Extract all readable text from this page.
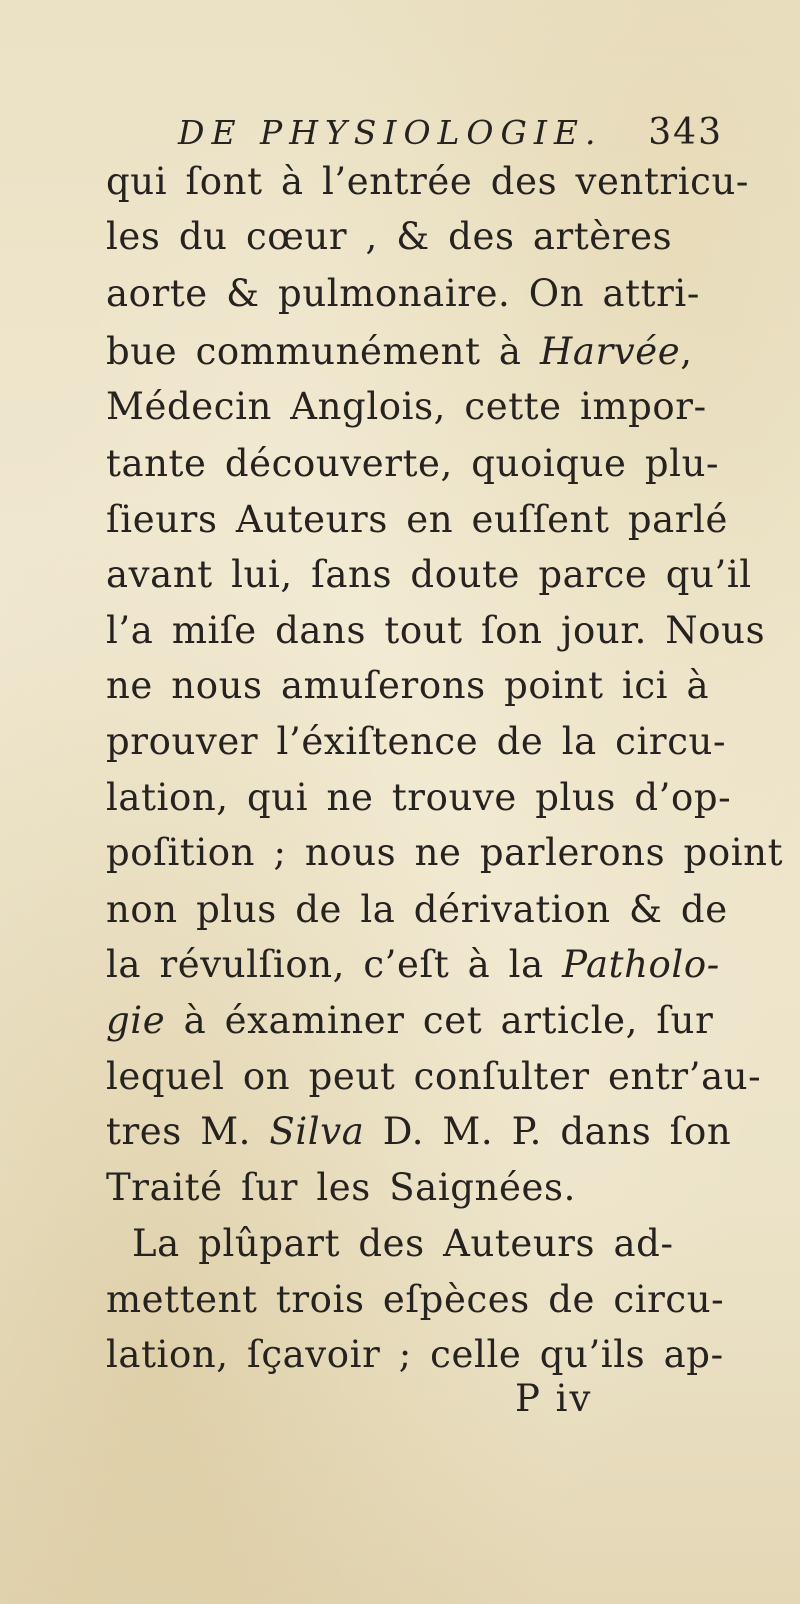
DE PHYSIOLOGIE. 343
qui ſont à l’entrée des ventricu-
les du cœur , & des artères
aorte & pulmonaire. On attri-
bue communément à Harvée,
Médecin Anglois, cette impor-
tante découverte, quoique plu-
ſieurs Auteurs en euſſent parlé
avant lui, ſans doute parce qu’il
l’a miſe dans tout ſon jour. Nous
ne nous amuſerons point ici à
prouver l’éxiſtence de la circu-
lation, qui ne trouve plus d’op-
poſition ; nous ne parlerons point
non plus de la dérivation & de
la révulſion, c’eſt à la Patholo-
gie à éxaminer cet article, ſur
lequel on peut conſulter entr’au-
tres M. Silva D. M. P. dans ſon
Traité ſur les Saignées.
La plûpart des Auteurs ad-
mettent trois eſpèces de circu-
lation, ſçavoir ; celle qu’ils ap-
P iv
